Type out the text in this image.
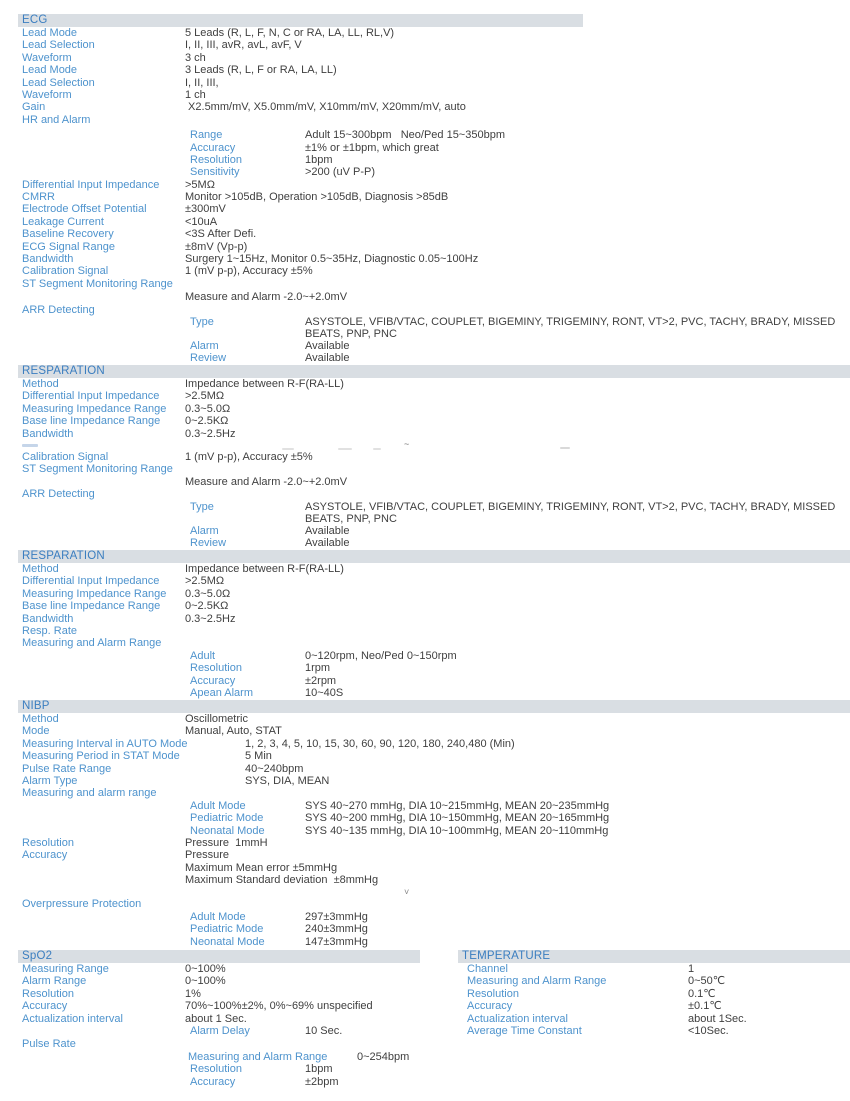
ECG
Lead Mode	5 Leads (R, L, F, N, C or RA, LA, LL, RL,V)
Lead Selection	I, II, III, avR, avL, avF, V
Waveform	3 ch
Lead Mode	3 Leads (R, L, F or RA, LA, LL)
Lead Selection	I, II, III,
Waveform	1 ch
Gain	X2.5mm/mV, X5.0mm/mV, X10mm/mV, X20mm/mV, auto
HR and Alarm
Range	Adult 15~300bpm   Neo/Ped 15~350bpm
Accuracy	±1% or ±1bpm, which great
Resolution	1bpm
Sensitivity	>200 (uV P-P)
Differential Input Impedance >5MΩ
CMRR	Monitor >105dB, Operation >105dB, Diagnosis >85dB
Electrode Offset Potential	±300mV
Leakage Current	<10uA
Baseline Recovery	<3S After Defi.
ECG Signal Range	±8mV (Vp-p)
Bandwidth	Surgery 1~15Hz, Monitor 0.5~35Hz, Diagnostic 0.05~100Hz
Calibration Signal	1 (mV p-p), Accuracy ±5%
ST Segment Monitoring Range
Measure and Alarm -2.0~+2.0mV
ARR Detecting
Type	ASYSTOLE, VFIB/VTAC, COUPLET, BIGEMINY, TRIGEMINY, RONT, VT>2, PVC, TACHY, BRADY, MISSED BEATS, PNP, PNC
Alarm	Available
Review	Available
RESPARATION
Method	Impedance between R-F(RA-LL)
Differential Input Impedance >2.5MΩ
Measuring Impedance Range 0.3~5.0Ω
Base line Impedance Range 0~2.5KΩ
Bandwidth	0.3~2.5Hz
~
Calibration Signal	1 (mV p-p), Accuracy ±5%
ST Segment Monitoring Range
Measure and Alarm -2.0~+2.0mV
ARR Detecting
Type	ASYSTOLE, VFIB/VTAC, COUPLET, BIGEMINY, TRIGEMINY, RONT, VT>2, PVC, TACHY, BRADY, MISSED BEATS, PNP, PNC
Alarm	Available
Review	Available
RESPARATION
Method	Impedance between R-F(RA-LL)
Differential Input Impedance >2.5MΩ
Measuring Impedance Range 0.3~5.0Ω
Base line Impedance Range 0~2.5KΩ
Bandwidth	0.3~2.5Hz
Resp. Rate
Measuring and Alarm Range
Adult	0~120rpm, Neo/Ped 0~150rpm
Resolution	1rpm
Accuracy	±2rpm
Apean Alarm	10~40S
NIBP
Method	Oscillometric
Mode	Manual, Auto, STAT
Measuring Interval in AUTO Mode	1, 2, 3, 4, 5, 10, 15, 30, 60, 90, 120, 180, 240,480 (Min)
Measuring Period in STAT Mode	5 Min
Pulse Rate Range	40~240bpm
Alarm Type	SYS, DIA, MEAN
Measuring and alarm range
Adult Mode	SYS 40~270 mmHg, DIA 10~215mmHg, MEAN 20~235mmHg
Pediatric Mode	SYS 40~200 mmHg, DIA 10~150mmHg, MEAN 20~165mmHg
Neonatal Mode	SYS 40~135 mmHg, DIA 10~100mmHg, MEAN 20~110mmHg
Resolution	Pressure  1mmH
Accuracy	Pressure
Maximum Mean error ±5mmHg
Maximum Standard deviation  ±8mmHg
˅
Overpressure Protection
Adult Mode	297±3mmHg
Pediatric Mode	240±3mmHg
Neonatal Mode	147±3mmHg
SpO2
Measuring Range	0~100%
Alarm Range	0~100%
Resolution	1%
Accuracy	70%~100%±2%, 0%~69% unspecified
Actualization interval	about 1 Sec.
Alarm Delay	10 Sec.
Pulse Rate
Measuring and Alarm Range	0~254bpm
Resolution	1bpm
Accuracy	±2bpm
TEMPERATURE
Channel	1
Measuring and Alarm Range	0~50℃
Resolution	0.1℃
Accuracy	±0.1℃
Actualization interval	about 1Sec.
Average Time Constant	<10Sec.
